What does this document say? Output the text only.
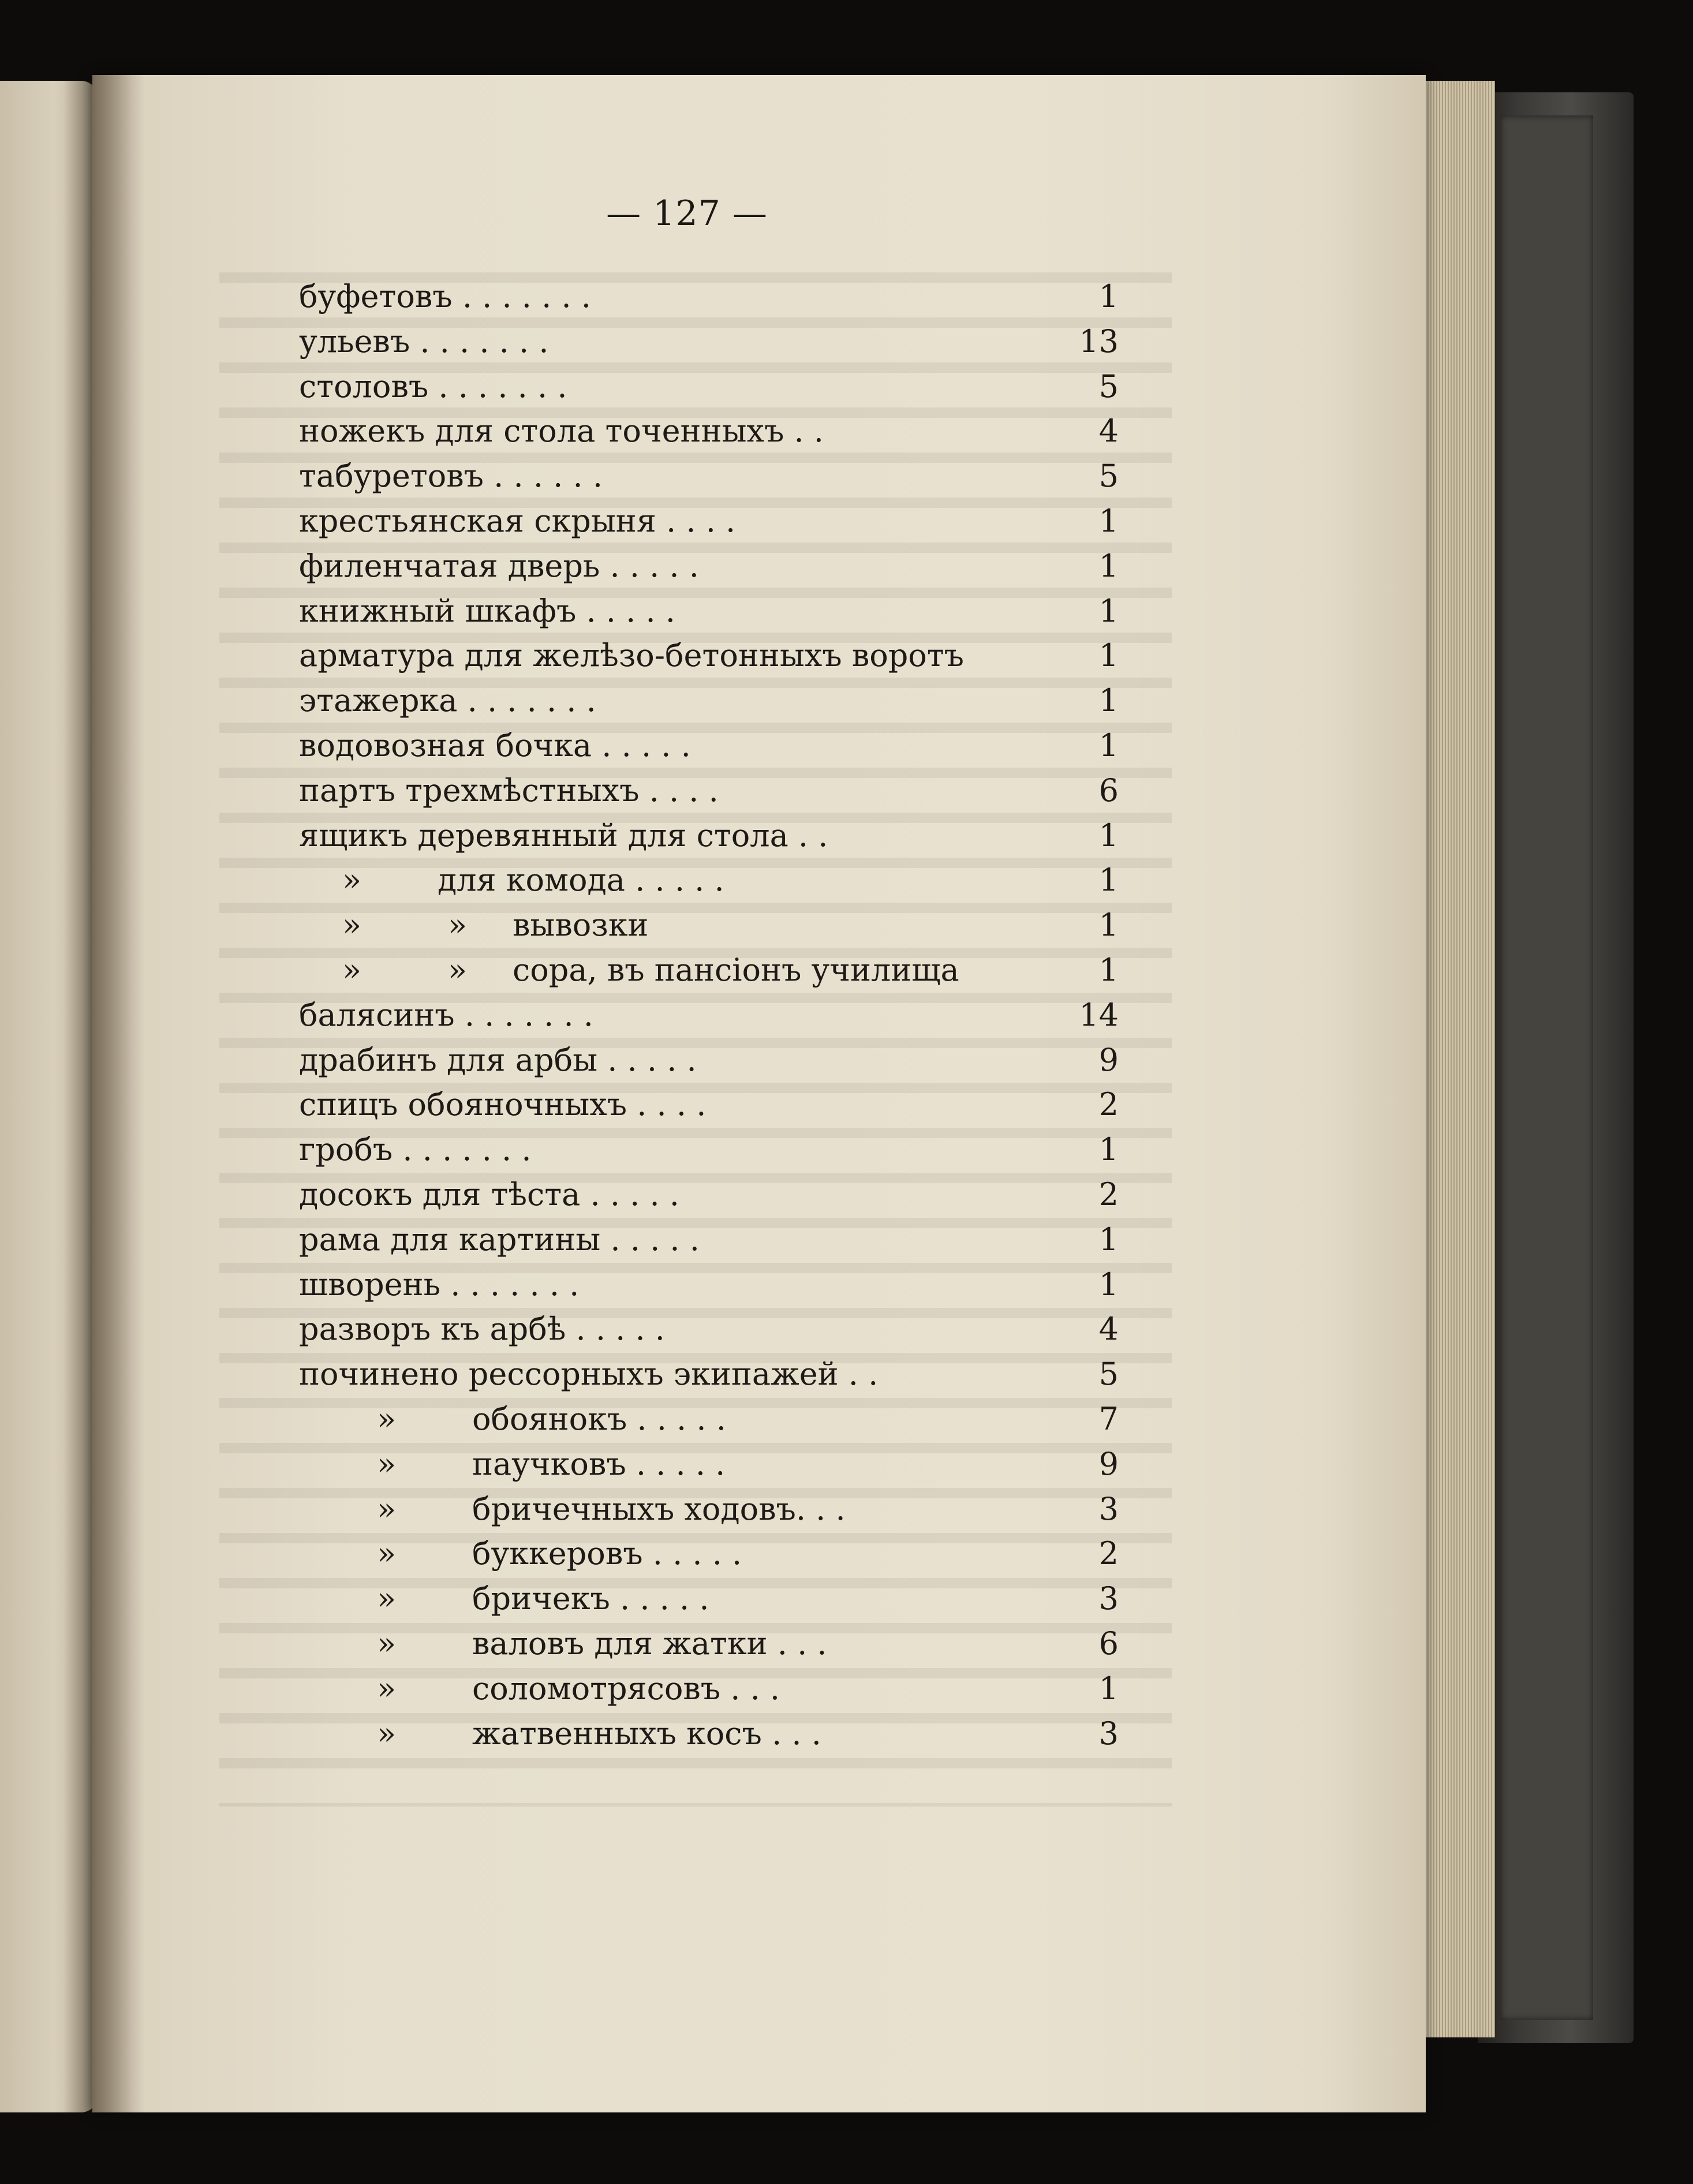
— 127 —
буфетовъ . . . . . . .	1
ульевъ . . . . . . .	13
столовъ . . . . . . .	5
ножекъ для стола точенныхъ . .	4
табуретовъ . . . . . .	5
крестьянская скрыня . . . .	1
филенчатая дверь . . . . .	1
книжный шкафъ . . . . .	1
арматура для желѣзо-бетонныхъ воротъ	1
этажерка . . . . . . .	1
водовозная бочка . . . . .	1
партъ трехмѣстныхъ . . . .	6
ящикъ деревянный для стола . .	1
» для комода . . . . .	1
»	» вывозки	1
»	» сора, въ пансіонъ училища	1
балясинъ . . . . . . .	14
драбинъ для арбы . . . . .	9
спицъ обояночныхъ . . . .	2
гробъ . . . . . . .	1
досокъ для тѣста . . . . .	2
рама для картины . . . . .	1
шворень . . . . . . .	1
разворъ къ арбѣ . . . . .	4
починено рессорныхъ экипажей . .	5
» обоянокъ . . . . .	7
» паучковъ . . . . .	9
» бричечныхъ ходовъ. . .	3
» буккеровъ . . . . .	2
» бричекъ . . . . .	3
» валовъ для жатки . . .	6
» соломотрясовъ . . .	1
» жатвенныхъ косъ . . .	3
